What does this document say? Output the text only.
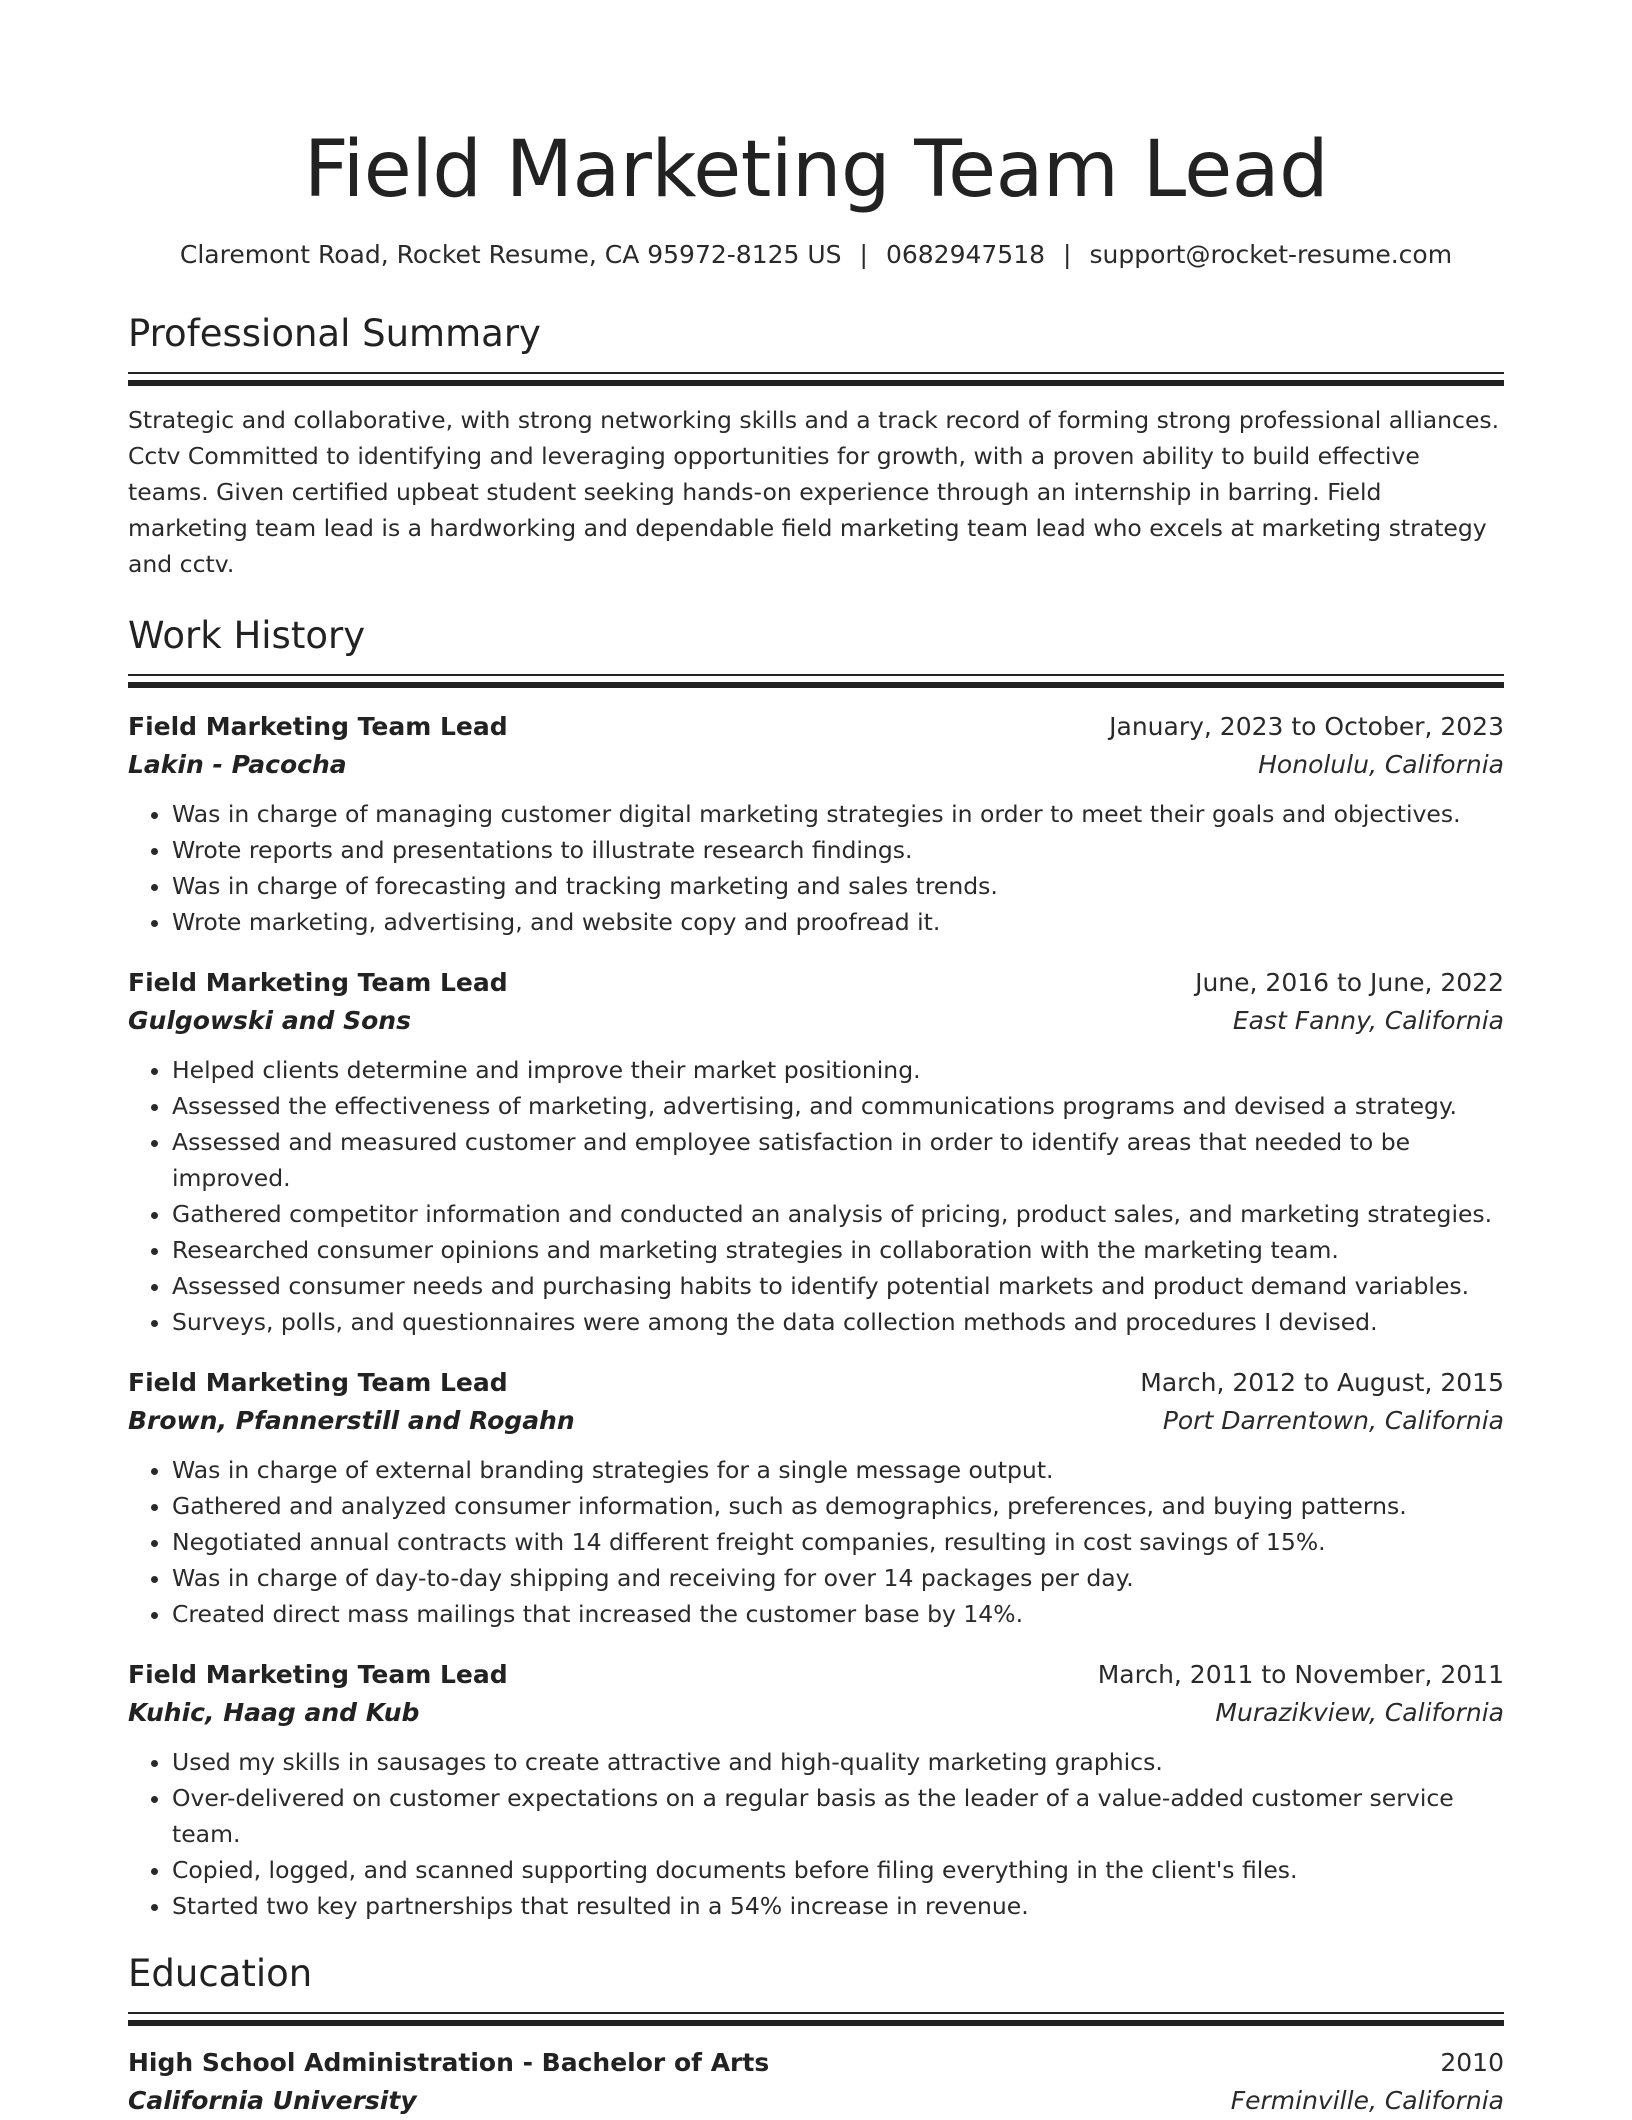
Field Marketing Team Lead
Claremont Road, Rocket Resume, CA 95972-8125 US | 0682947518 | support@rocket-resume.com
Professional Summary

Strategic and collaborative, with strong networking skills and a track record of forming strong professional alliances. Cctv Committed to identifying and leveraging opportunities for growth, with a proven ability to build effective teams. Given certified upbeat student seeking hands-on experience through an internship in barring. Field marketing team lead is a hardworking and dependable field marketing team lead who excels at marketing strategy and cctv.

Work History
Field Marketing Team Lead	January, 2023 to October, 2023
Lakin - Pacocha	Honolulu, California
• Was in charge of managing customer digital marketing strategies in order to meet their goals and objectives.
• Wrote reports and presentations to illustrate research findings.
• Was in charge of forecasting and tracking marketing and sales trends.
• Wrote marketing, advertising, and website copy and proofread it.
Field Marketing Team Lead	June, 2016 to June, 2022
Gulgowski and Sons	East Fanny, California
• Helped clients determine and improve their market positioning.
• Assessed the effectiveness of marketing, advertising, and communications programs and devised a strategy.
• Assessed and measured customer and employee satisfaction in order to identify areas that needed to be improved.
• Gathered competitor information and conducted an analysis of pricing, product sales, and marketing strategies.
• Researched consumer opinions and marketing strategies in collaboration with the marketing team.
• Assessed consumer needs and purchasing habits to identify potential markets and product demand variables.
• Surveys, polls, and questionnaires were among the data collection methods and procedures I devised.
Field Marketing Team Lead	March, 2012 to August, 2015
Brown, Pfannerstill and Rogahn	Port Darrentown, California
• Was in charge of external branding strategies for a single message output.
• Gathered and analyzed consumer information, such as demographics, preferences, and buying patterns.
• Negotiated annual contracts with 14 different freight companies, resulting in cost savings of 15%.
• Was in charge of day-to-day shipping and receiving for over 14 packages per day.
• Created direct mass mailings that increased the customer base by 14%.
Field Marketing Team Lead	March, 2011 to November, 2011
Kuhic, Haag and Kub	Murazikview, California
• Used my skills in sausages to create attractive and high-quality marketing graphics.
• Over-delivered on customer expectations on a regular basis as the leader of a value-added customer service team.
• Copied, logged, and scanned supporting documents before filing everything in the client's files.
• Started two key partnerships that resulted in a 54% increase in revenue.
Education
High School Administration - Bachelor of Arts	2010
California University	Ferminville, California
